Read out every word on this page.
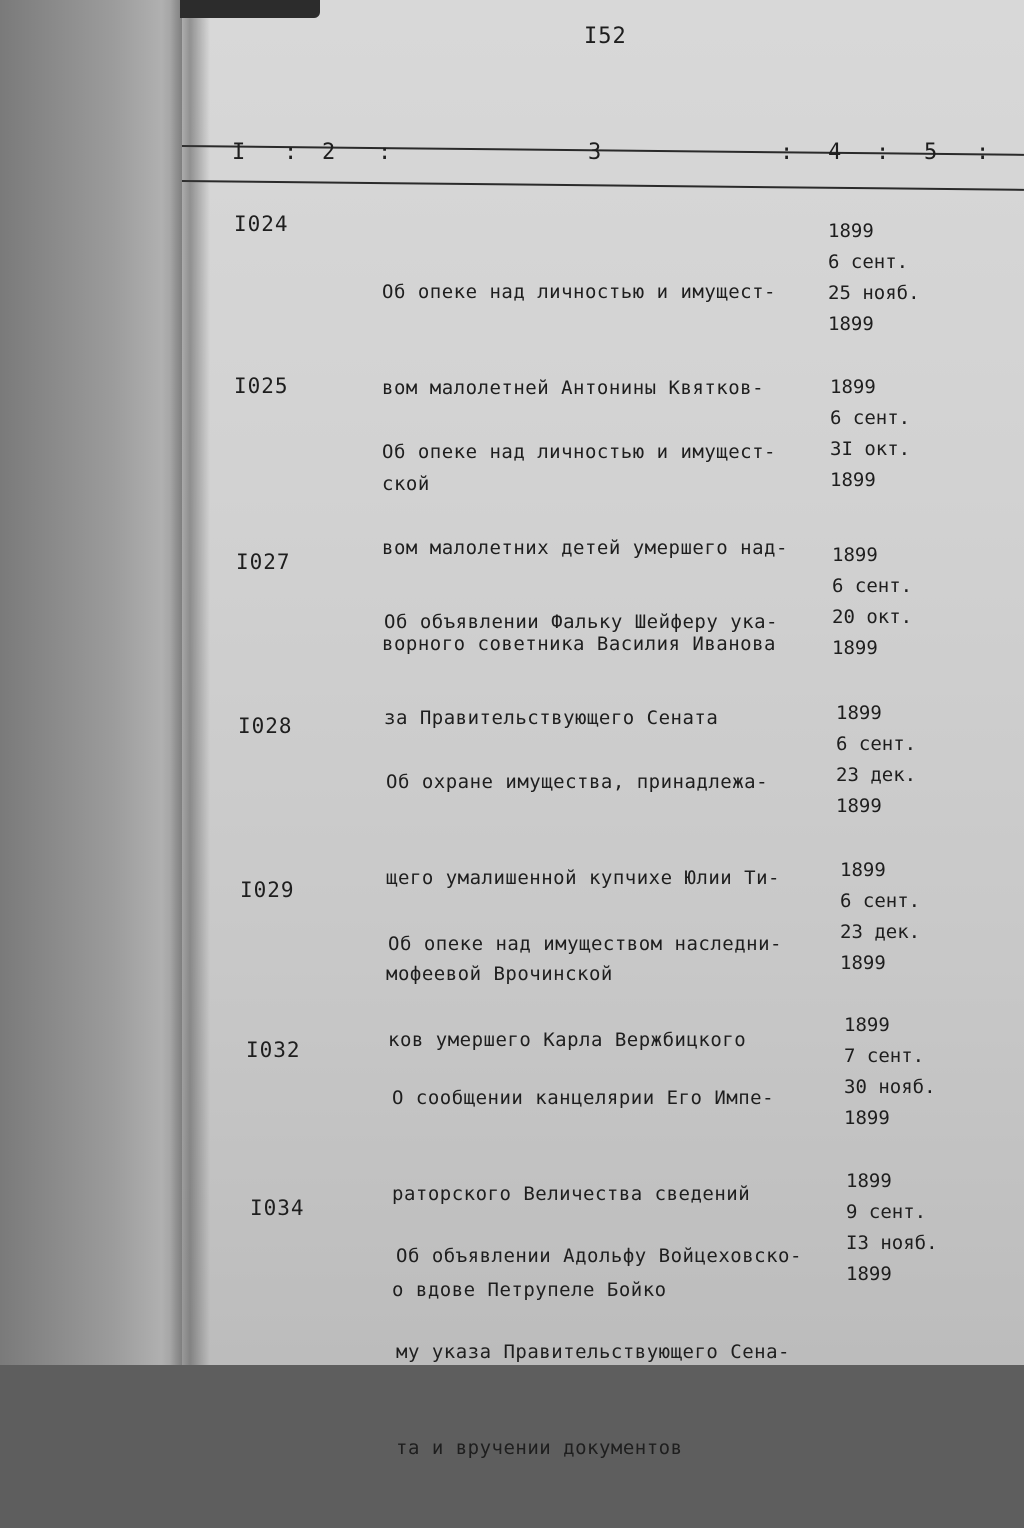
I52
I : 2 :	3	: 4 : 5 :
I024

Об опеке над личностью и имущест-

вом малолетней Антонины Квятков-

ской

1899
6 сент.
25 нояб.
1899
I025

Об опеке над личностью и имущест-

вом малолетних детей умершего над-

ворного советника Василия Иванова

1899
6 сент.
3I окт.
1899
I027

Об объявлении Фальку Шейферу ука-

за Правительствующего Сената

1899
6 сент.
20 окт.
1899
I028

Об охране имущества, принадлежа-

щего умалишенной купчихе Юлии Ти-

мофеевой Врочинской

1899
6 сент.
23 дек.
1899
I029

Об опеке над имуществом наследни-

ков умершего Карла Вержбицкого

1899
6 сент.
23 дек.
1899
I032

О сообщении канцелярии Его Импе-

раторского Величества сведений

о вдове Петрупеле Бойко

1899
7 сент.
30 нояб.
1899
I034

Об объявлении Адольфу Войцеховско-

му указа Правительствующего Сена-

та и вручении документов

1899
9 сент.
I3 нояб.
1899
